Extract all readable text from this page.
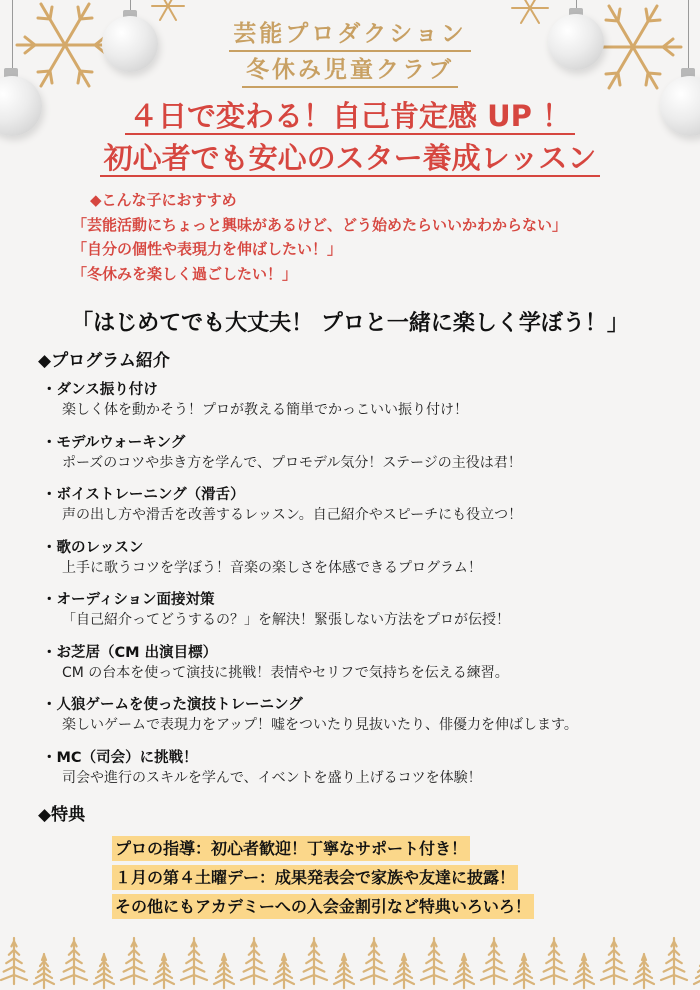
芸能プロダクション
冬休み児童クラブ
４日で変わる！自己肯定感 UP ！
初心者でも安心のスター養成レッスン
◆こんな子におすすめ
「芸能活動にちょっと興味があるけど、どう始めたらいいかわからない」
「自分の個性や表現力を伸ばしたい！」
「冬休みを楽しく過ごしたい！」
「はじめてでも大丈夫！ プロと一緒に楽しく学ぼう！」
◆プログラム紹介
・ダンス振り付け
楽しく体を動かそう！プロが教える簡単でかっこいい振り付け！
・モデルウォーキング
ポーズのコツや歩き方を学んで、プロモデル気分！ステージの主役は君！
・ボイストレーニング（滑舌）
声の出し方や滑舌を改善するレッスン。自己紹介やスピーチにも役立つ！
・歌のレッスン
上手に歌うコツを学ぼう！音楽の楽しさを体感できるプログラム！
・オーディション面接対策
「自己紹介ってどうするの？」を解決！緊張しない方法をプロが伝授！
・お芝居（CM 出演目標）
CM の台本を使って演技に挑戦！表情やセリフで気持ちを伝える練習。
・人狼ゲームを使った演技トレーニング
楽しいゲームで表現力をアップ！嘘をついたり見抜いたり、俳優力を伸ばします。
・MC（司会）に挑戦！
司会や進行のスキルを学んで、イベントを盛り上げるコツを体験！
◆特典
プロの指導：初心者歓迎！丁寧なサポート付き！
１月の第４土曜デー：成果発表会で家族や友達に披露！
その他にもアカデミーへの入会金割引など特典いろいろ！
